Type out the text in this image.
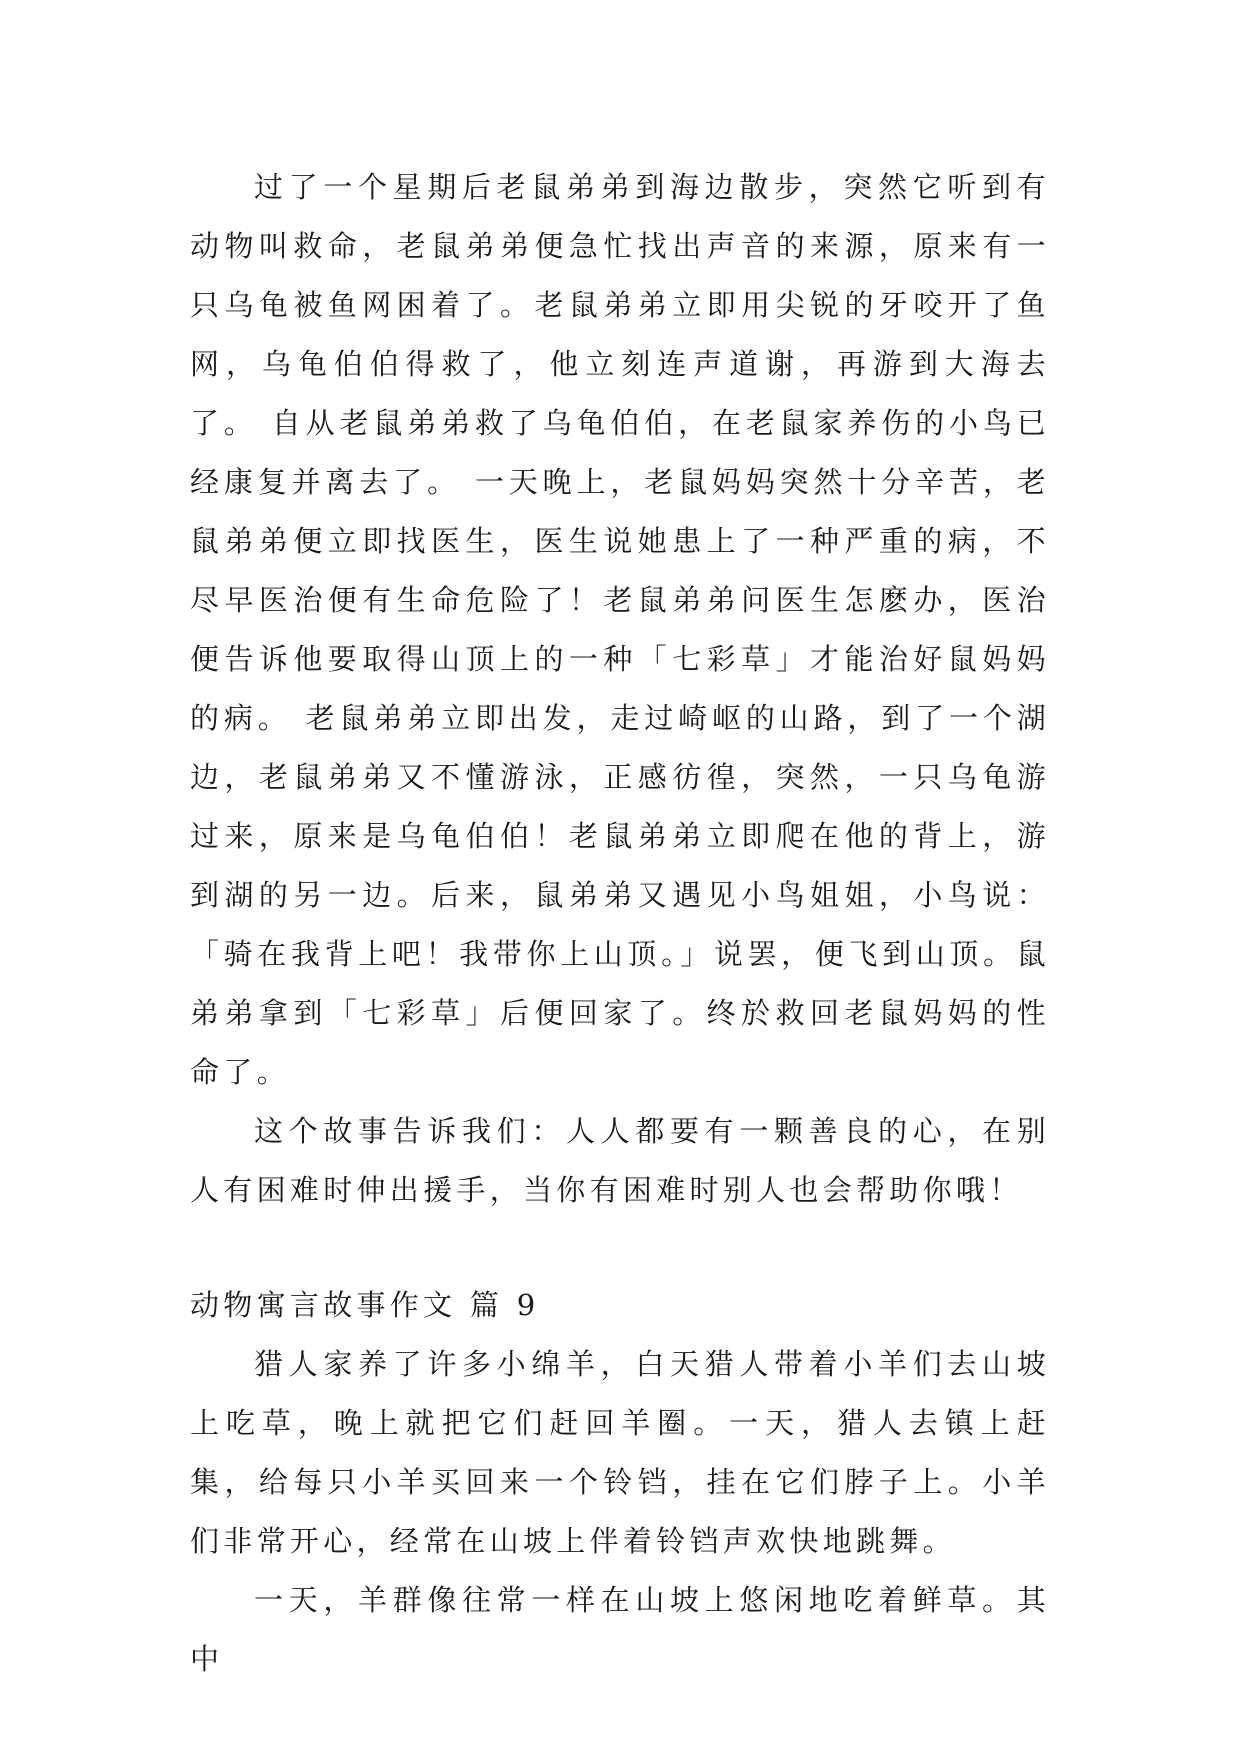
过了一个星期后老鼠弟弟到海边散步，突然它听到有动物叫救命，老鼠弟弟便急忙找出声音的来源，原来有一只乌龟被鱼网困着了。老鼠弟弟立即用尖锐的牙咬开了鱼网，乌龟伯伯得救了，他立刻连声道谢，再游到大海去了。 自从老鼠弟弟救了乌龟伯伯，在老鼠家养伤的小鸟已经康复并离去了。 一天晚上，老鼠妈妈突然十分辛苦，老鼠弟弟便立即找医生，医生说她患上了一种严重的病，不尽早医治便有生命危险了！老鼠弟弟问医生怎麽办，医治便告诉他要取得山顶上的一种「七彩草」才能治好鼠妈妈的病。 老鼠弟弟立即出发，走过崎岖的山路，到了一个湖边，老鼠弟弟又不懂游泳，正感彷徨，突然，一只乌龟游过来，原来是乌龟伯伯！老鼠弟弟立即爬在他的背上，游到湖的另一边。后来，鼠弟弟又遇见小鸟姐姐，小鸟说：「骑在我背上吧！我带你上山顶。」说罢，便飞到山顶。鼠弟弟拿到「七彩草」后便回家了。终於救回老鼠妈妈的性命了。

这个故事告诉我们：人人都要有一颗善良的心，在别人有困难时伸出援手，当你有困难时别人也会帮助你哦！

动物寓言故事作文 篇 9

猎人家养了许多小绵羊，白天猎人带着小羊们去山坡上吃草，晚上就把它们赶回羊圈。一天，猎人去镇上赶集，给每只小羊买回来一个铃铛，挂在它们脖子上。小羊们非常开心，经常在山坡上伴着铃铛声欢快地跳舞。

一天，羊群像往常一样在山坡上悠闲地吃着鲜草。其中
